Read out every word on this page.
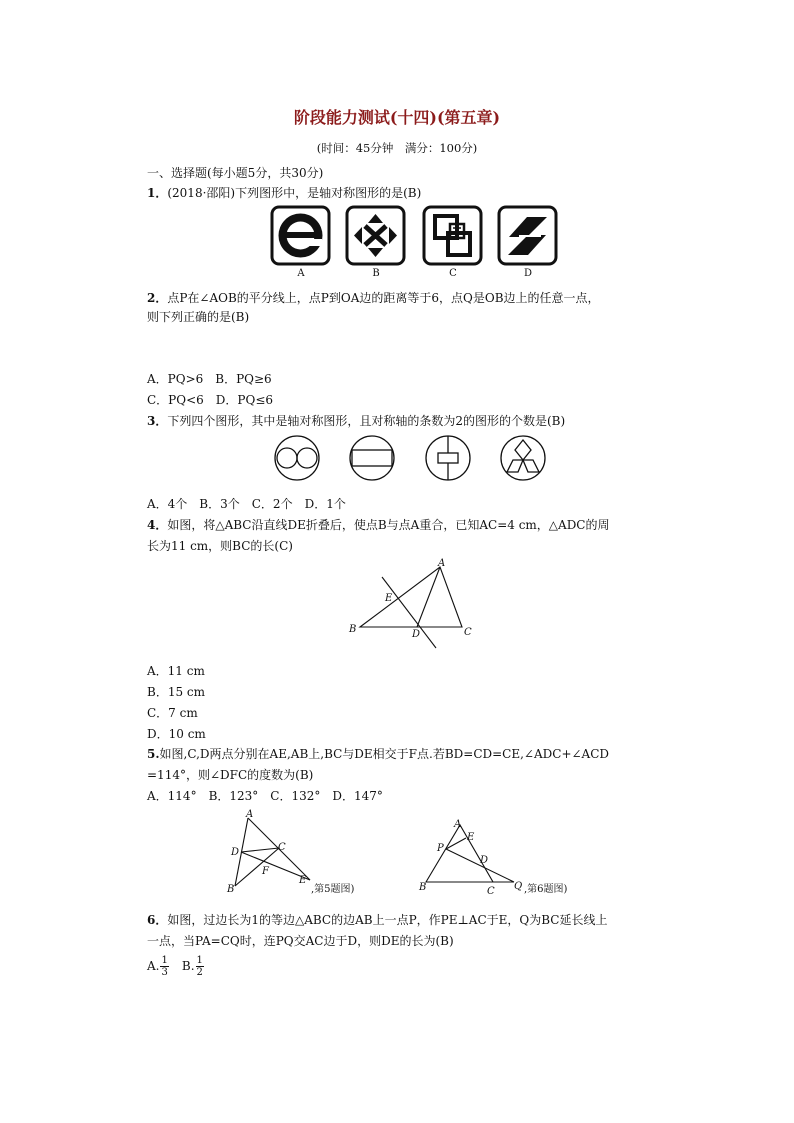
阶段能力测试(十四)(第五章)
(时间：45分钟　满分：100分)
一、选择题(每小题5分，共30分)
1．(2018·邵阳)下列图形中，是轴对称图形的是(B)
A	B	C	D
2．点P在∠AOB的平分线上，点P到OA边的距离等于6，点Q是OB边上的任意一点，
则下列正确的是(B)
A．PQ>6　B．PQ≥6
C．PQ<6　D．PQ≤6
3．下列四个图形，其中是轴对称图形，且对称轴的条数为2的图形的个数是(B)
A．4个　B．3个　C．2个　D．1个
4．如图，将△ABC沿直线DE折叠后，使点B与点A重合，已知AC=4 cm，△ADC的周
长为11 cm，则BC的长(C)
A
E
B	D	C
A．11 cm
B．15 cm
C．7 cm
D．10 cm
5.如图,C,D两点分别在AE,AB上,BC与DE相交于F点.若BD=CD=CE,∠ADC+∠ACD
=114°，则∠DFC的度数为(B)
A．114°　B．123°　C．132°　D．147°
A
D	C
F
E
B	,第5题图)
A
E
P
D
B	C Q ,第6题图)
6．如图，过边长为1的等边△ABC的边AB上一点P，作PE⊥AC于E，Q为BC延长线上
一点，当PA=CQ时，连PQ交AC边于D，则DE的长为(B)
A. $\frac{1}{3}$
　 B. $\frac{1}{2}$
